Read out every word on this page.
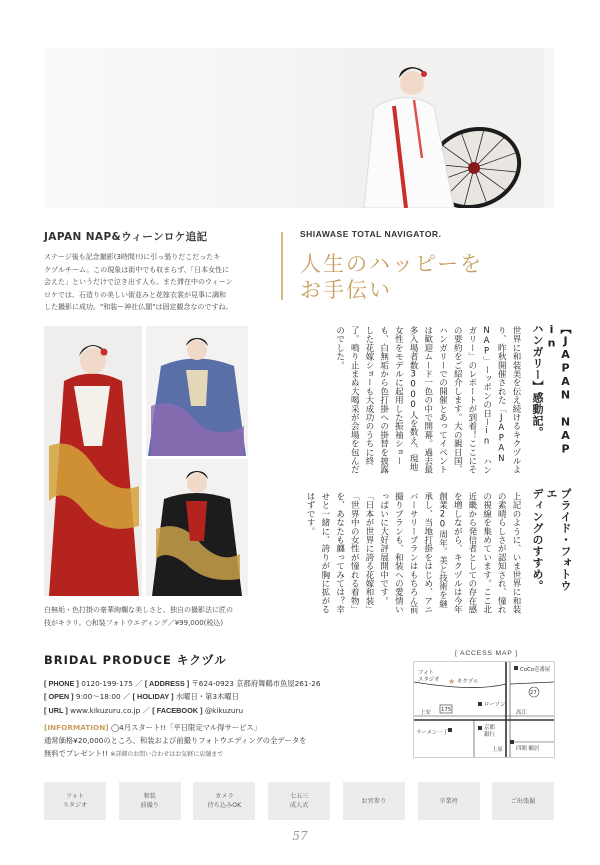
JAPAN NAP&ウィーンロケ追記

ステージ後も記念撮影(3時間!!)に引っ張りだこだったキ
クヅルチーム。この現象は街中でも収まらず、「日本女性に
会えた」というだけで泣き出す人も。また滞在中のウィーン
ロケでは、石造りの美しい街並みと花嫁衣裳が見事に調和
した撮影に成功。"和装ー神社仏閣"は固定観念なのですね。

SHIAWASE TOTAL NAVIGATOR.
人生のハッピーを
お手伝い
白無垢・色打掛の豪華絢爛な美しさと、独自の撮影法に匠の
技がキラリ。○和装フォトウエディング／¥99,000(税込)
【JAPAN NAP in
ハンガリー】感動記。
世界に和装美を伝え続けるキクヅルより、昨秋開催された「JAPAN NAP」ーッポンの日ーin ハンガリー」のレポートが到着！ここにその要約をご紹介します。大の親日国、ハンガリーでの開催とあってイベントは歓迎ムード一色の中で開幕。過去最多入場者数3000人を数え、現地女性をモデルに起用した振袖ショーも、白無垢から色打掛への掛替を披露した花嫁ショーも大成功のうちに終了。鳴り止まぬ大喝采が会場を包んだのでした。
プライド・フォトウエ
ディングのすすめ。
上記のように、いま世界に和装の素晴らしさが認知され、憧れの視線を集めています。ここ北近畿から発信者としての存在感を増しながら、キクヅルは今年創業20周年。美と技術を継承し、当地打掛をはじめ、アニバーサリープランはもちろん前撮りプランも、和装への愛情いっぱいに大好評展開中です。「日本が世界に誇る花嫁和装」「世界中の女性が憧れる着物」を、あなたも纏ってみては？幸せと一緒に、誇りが胸に拡がるはずです。
BRIDAL PRODUCE キクヅル
[ PHONE ] 0120-199-175 ／ [ ADDRESS ] 〒624-0923 京都府舞鶴市魚屋261-26
[ OPEN ] 9:00～18:00 ／ [ HOLIDAY ] 水曜日・第3木曜日
[ URL ] www.kikuzuru.co.jp ／ [ FACEBOOK ] @kikuzuru
[INFORMATION] ◯4月スタート!!「平日限定マル得サービス」
通常価格¥20,000のところ、和装および前撮りフォトウエディングの全データを
無料でプレゼント!! ※詳細のお問い合わせはお気軽に店舗まで
[ ACCESS MAP ]
CoCo壱番屋
フォト
スタジオ ★ キクヅル
27
175
ローソン
上安	高江
ラーメン一丁
京都
銀行
上原 四間 鶴居
フォト
スタジオ
和装
前撮り
カメラ
持ち込みOK
七五三
成人式
お宮参り	卒業袴	ご出張撮
57
